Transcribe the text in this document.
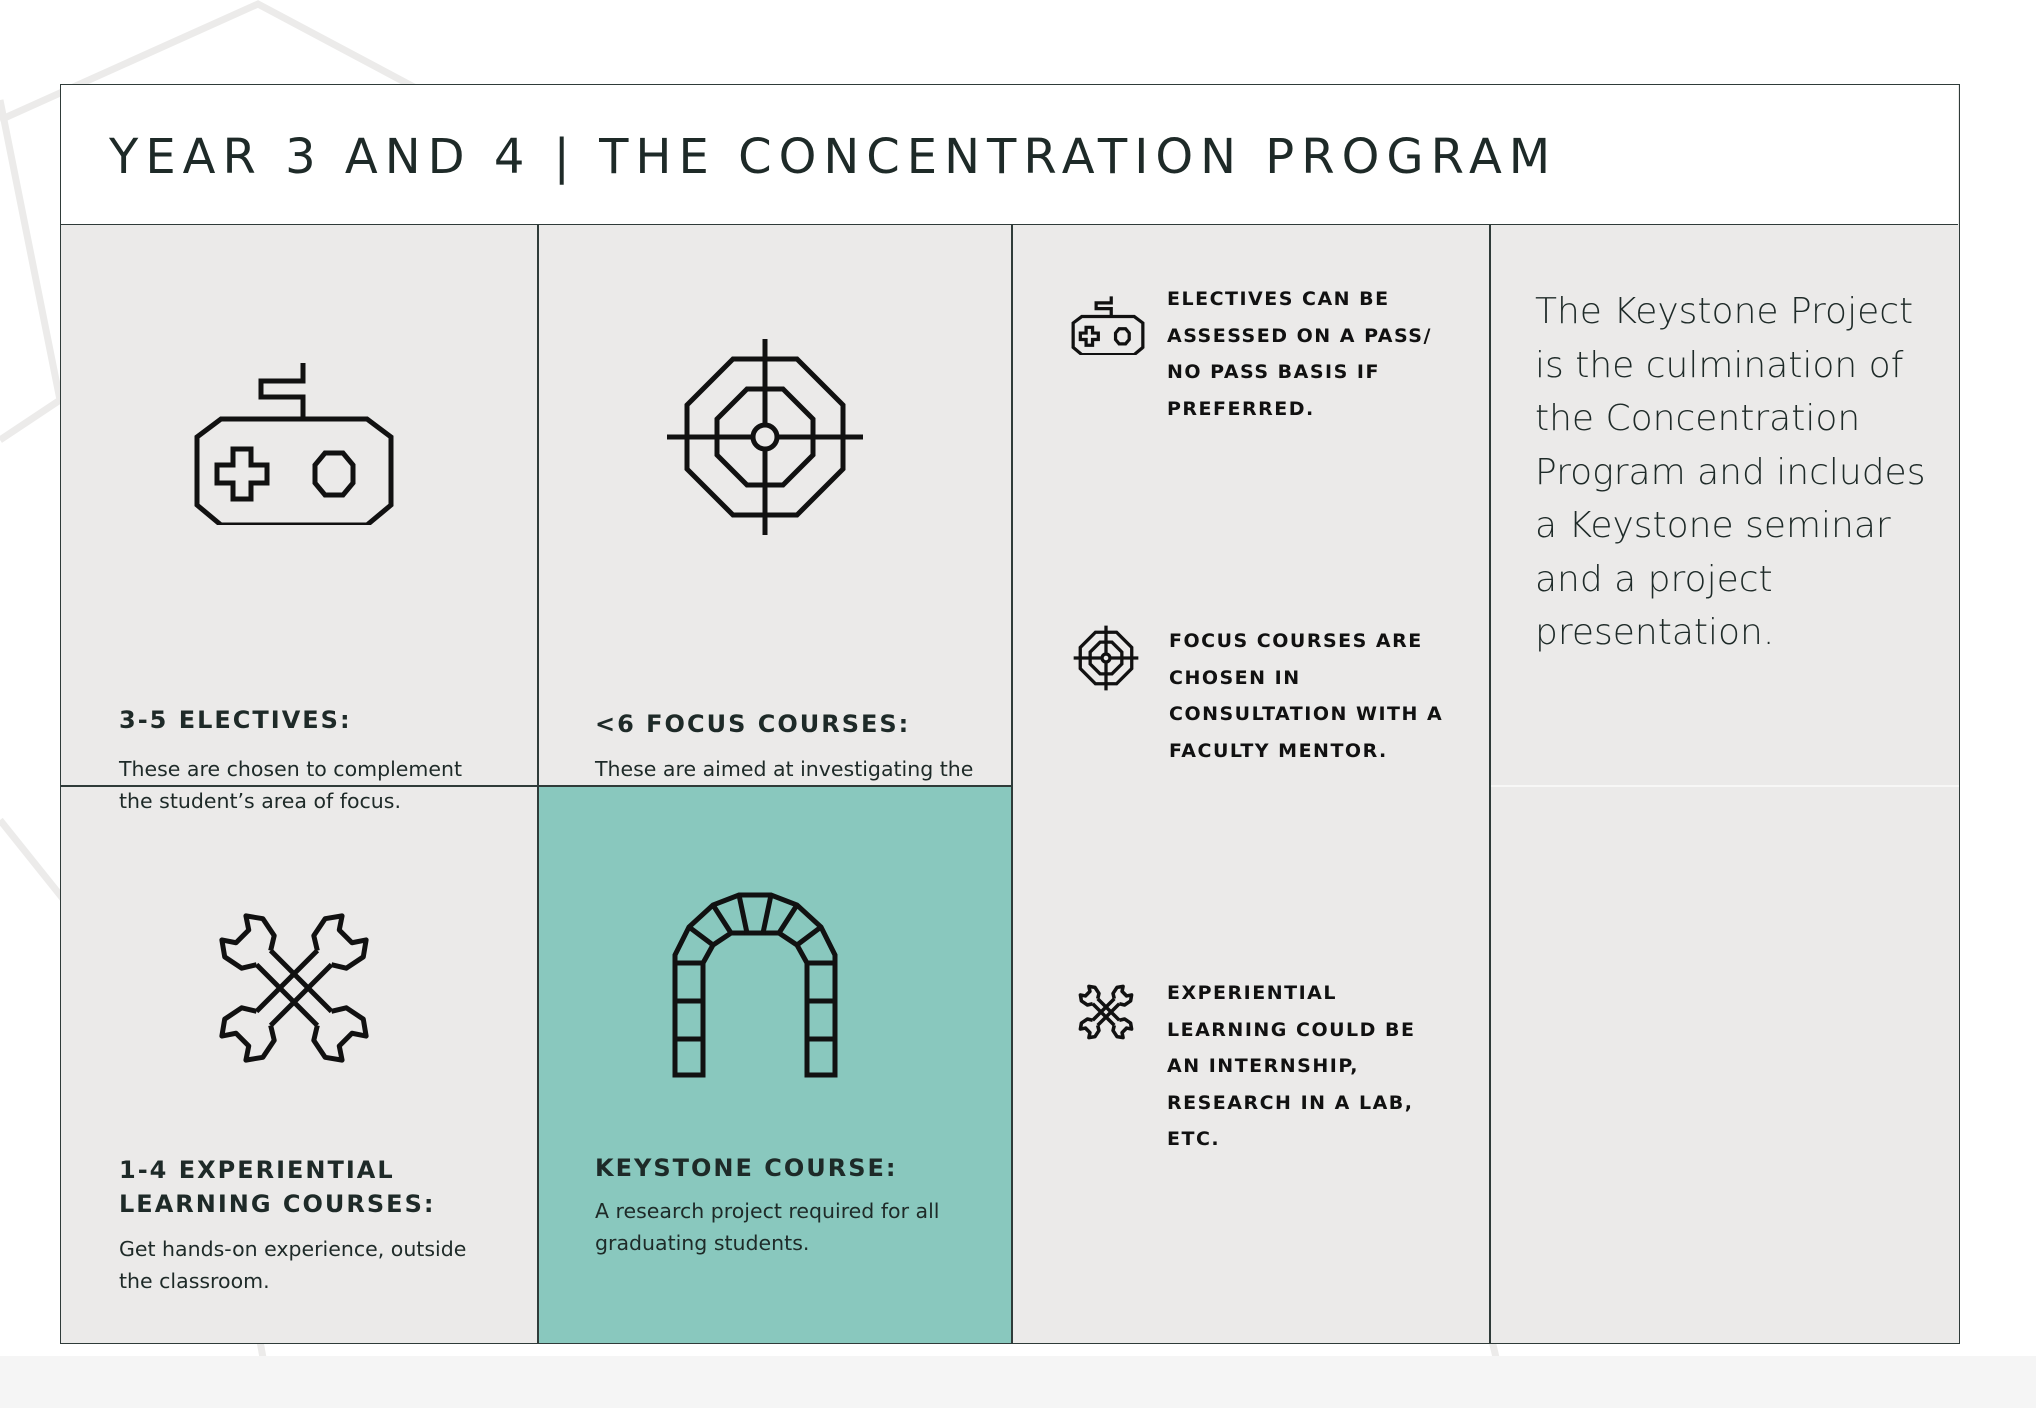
YEAR 3 AND 4 | THE CONCENTRATION PROGRAM
3-5 ELECTIVES:

These are chosen to complement the student’s area of focus.

<6 FOCUS COURSES:

These are aimed at investigating the

1-4 EXPERIENTIAL LEARNING COURSES:

Get hands-on experience, outside the classroom.

KEYSTONE COURSE:

A research project required for all graduating students.

ELECTIVES CAN BE ASSESSED ON A PASS/ NO PASS BASIS IF PREFERRED.

FOCUS COURSES ARE CHOSEN IN CONSULTATION WITH A FACULTY MENTOR.

EXPERIENTIAL LEARNING COULD BE AN INTERNSHIP, RESEARCH IN A LAB, ETC.

The Keystone Project is the culmination of the Concentration Program and includes a Keystone seminar and a project presentation.
